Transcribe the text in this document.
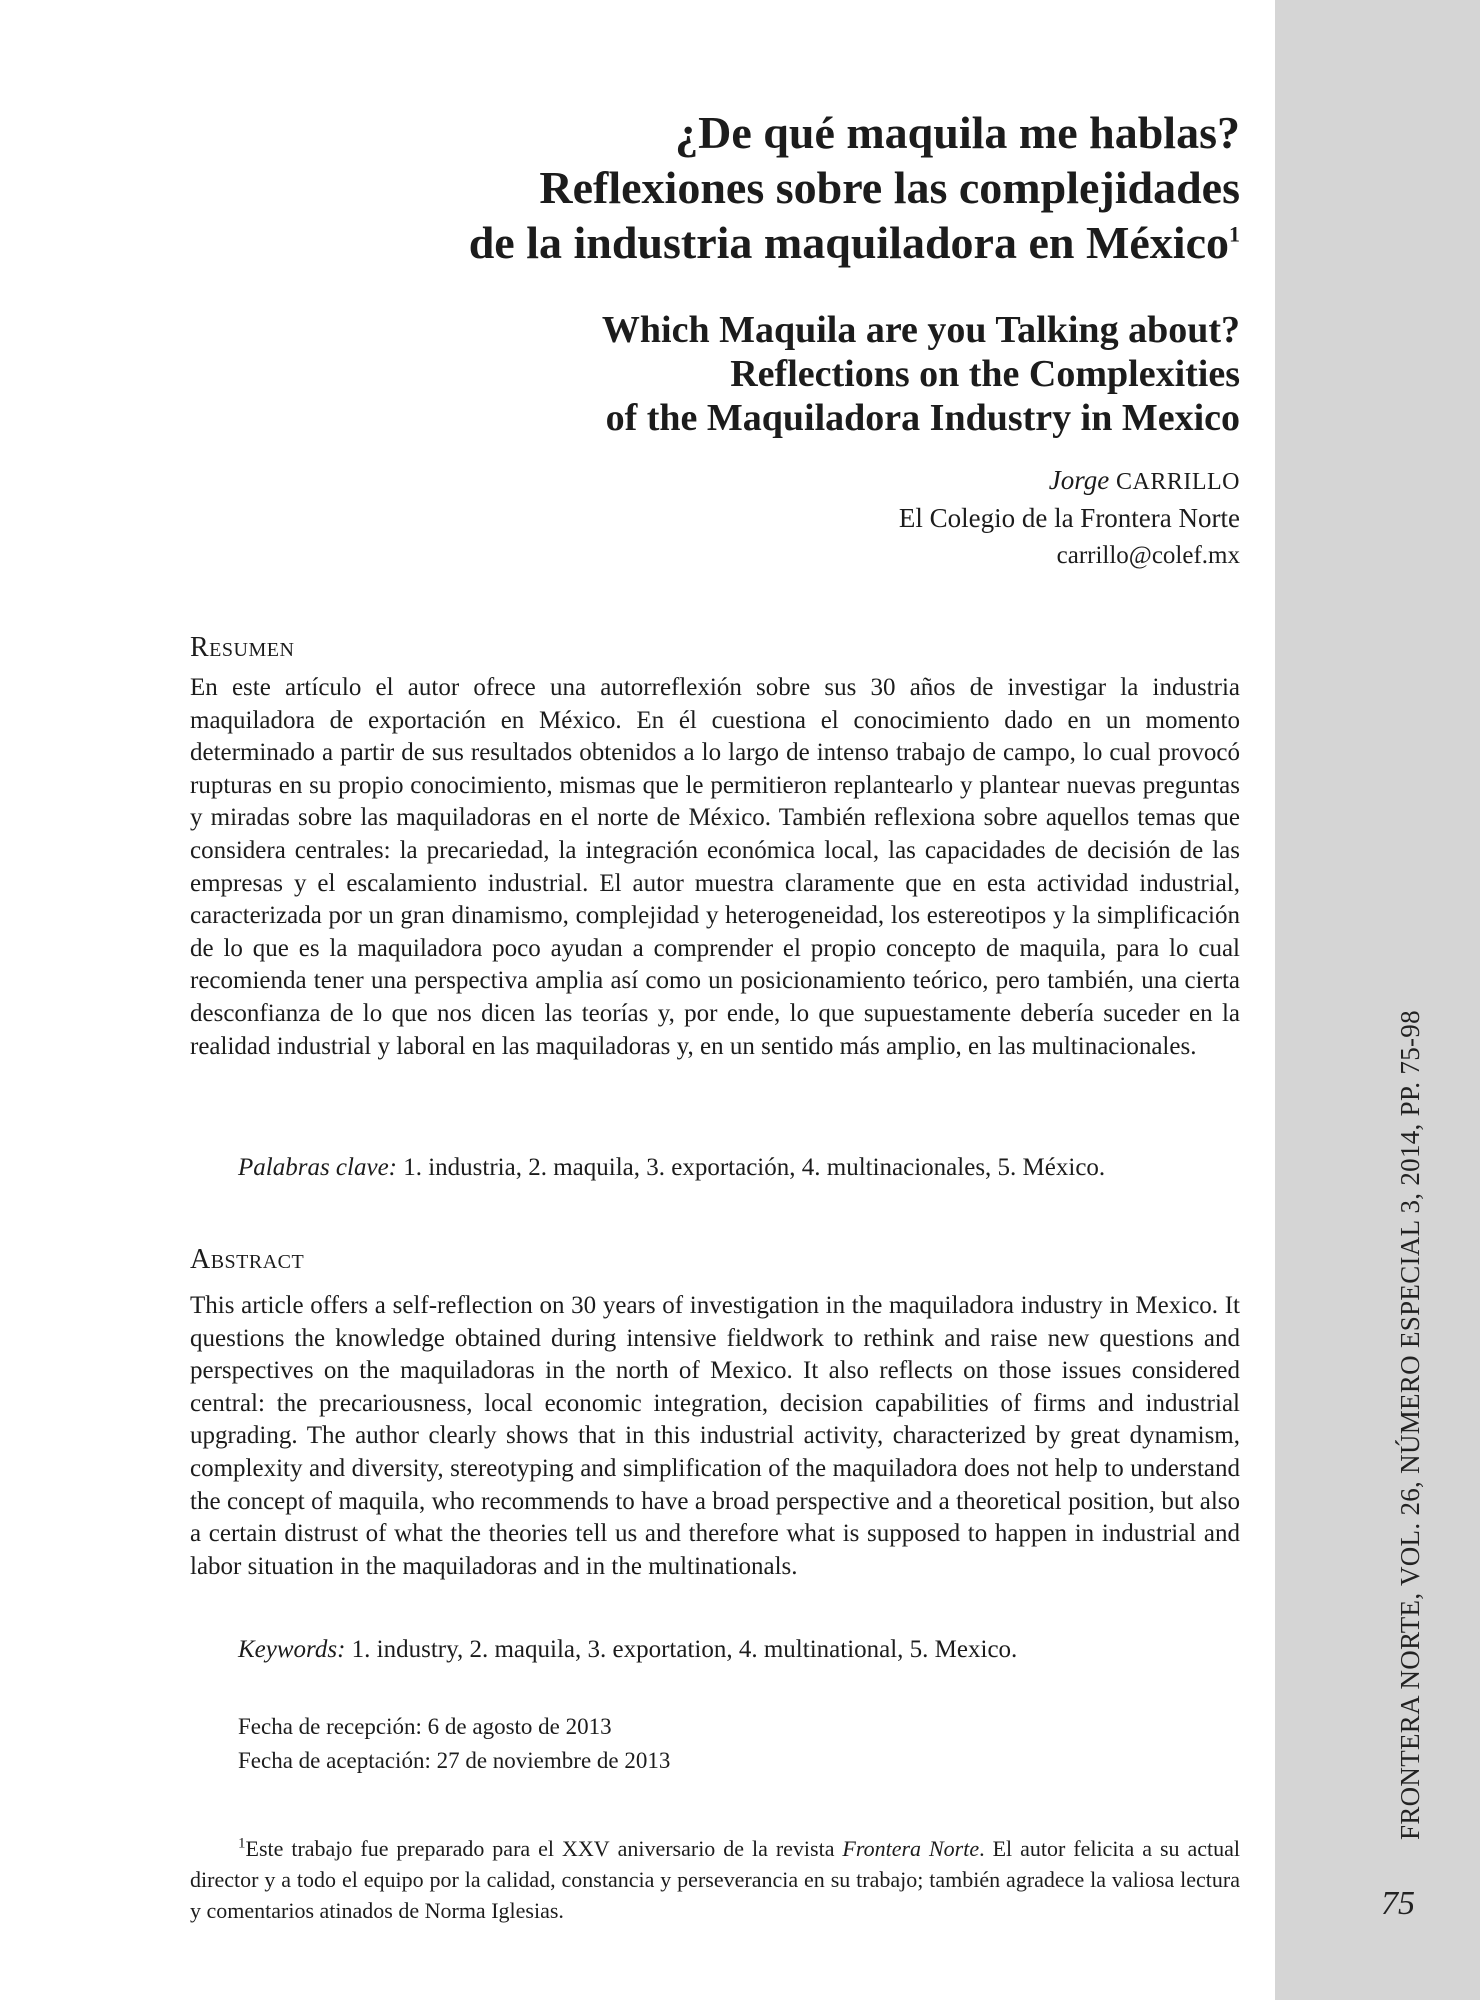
¿De qué maquila me hablas?
Reflexiones sobre las complejidades
de la industria maquiladora en México$^1$
Which Maquila are you Talking about?
Reflections on the Complexities
of the Maquiladora Industry in Mexico
Jorge CARRILLO
El Colegio de la Frontera Norte
carrillo@colef.mx
Resumen

En este artículo el autor ofrece una autorreflexión sobre sus 30 años de investigar la industria maquiladora de exportación en México. En él cuestiona el conocimiento dado en un momento determinado a partir de sus resultados obtenidos a lo largo de intenso trabajo de campo, lo cual provocó rupturas en su propio conocimiento, mismas que le permitieron replantearlo y plantear nuevas preguntas y miradas sobre las maquiladoras en el norte de México. También reflexiona sobre aquellos temas que considera centrales: la precariedad, la integración económica local, las capacidades de decisión de las empresas y el escalamiento industrial. El autor muestra claramente que en esta actividad industrial, caracterizada por un gran dinamismo, complejidad y heterogeneidad, los estereotipos y la simplificación de lo que es la maquiladora poco ayudan a comprender el propio concepto de maquila, para lo cual recomienda tener una perspectiva amplia así como un posicionamiento teórico, pero también, una cierta desconfianza de lo que nos dicen las teorías y, por ende, lo que supuestamente debería suceder en la realidad industrial y laboral en las maquiladoras y, en un sentido más amplio, en las multinacionales.

Palabras clave: 1. industria, 2. maquila, 3. exportación, 4. multinacionales, 5. México.

Abstract

This article offers a self-reflection on 30 years of investigation in the maquiladora industry in Mexico. It questions the knowledge obtained during intensive fieldwork to rethink and raise new questions and perspectives on the maquiladoras in the north of Mexico. It also reflects on those issues considered central: the precariousness, local economic integration, decision capabilities of firms and industrial upgrading. The author clearly shows that in this industrial activity, characterized by great dynamism, complexity and diversity, stereotyping and simplification of the maquiladora does not help to understand the concept of maquila, who recommends to have a broad perspective and a theoretical position, but also a certain distrust of what the theories tell us and therefore what is supposed to happen in industrial and labor situation in the maquiladoras and in the multinationals.

Keywords: 1. industry, 2. maquila, 3. exportation, 4. multinational, 5. Mexico.

Fecha de recepción: 6 de agosto de 2013
Fecha de aceptación: 27 de noviembre de 2013

$^1$Este trabajo fue preparado para el XXV aniversario de la revista Frontera Norte. El autor felicita a su actual director y a todo el equipo por la calidad, constancia y perseverancia en su trabajo; también agradece la valiosa lectura y comentarios atinados de Norma Iglesias.

FRONTERA NORTE, VOL. 26, NÚMERO ESPECIAL 3, 2014, PP. 75-98
75
